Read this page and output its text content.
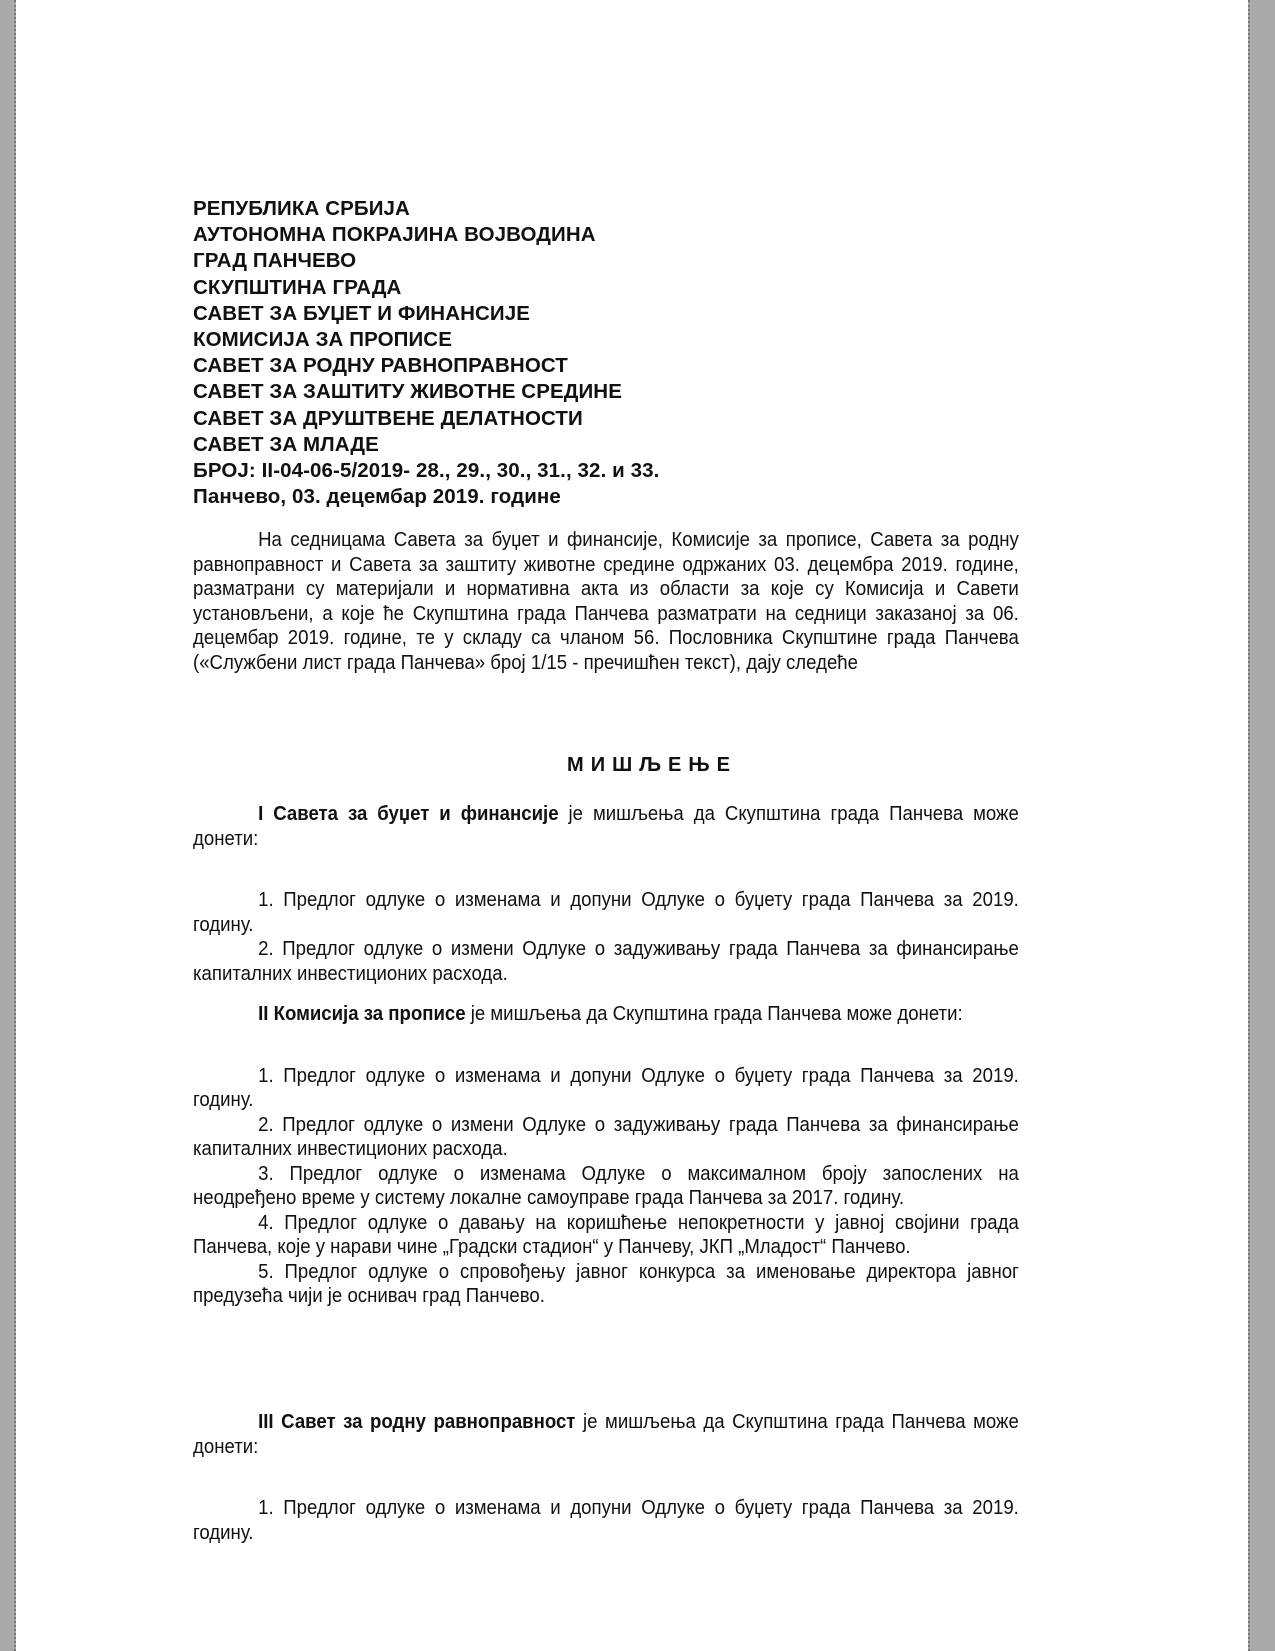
РЕПУБЛИКА СРБИЈА
АУТОНОМНА ПОКРАЈИНА ВОЈВОДИНА
ГРАД ПАНЧЕВО
СКУПШТИНА ГРАДА
САВЕТ ЗА БУЏЕТ И ФИНАНСИЈЕ
КОМИСИЈА ЗА ПРОПИСЕ
САВЕТ ЗА РОДНУ РАВНОПРАВНОСТ
САВЕТ ЗА ЗАШТИТУ ЖИВОТНЕ СРЕДИНЕ
САВЕТ ЗА ДРУШТВЕНЕ ДЕЛАТНОСТИ
САВЕТ ЗА МЛАДЕ
БРОЈ: II-04-06-5/2019- 28., 29., 30., 31., 32. и 33.
Панчево, 03. децембар 2019. године

На седницама Савета за буџет и финансије, Комисије за прописе, Савета за родну равноправност и Савета за заштиту животне средине одржаних 03. децембра 2019. године, разматрани су материјали и нормативна акта из области за које су Комисија и Савети установљени, а које ће Скупштина града Панчева разматрати на седници заказаној за 06. децембар 2019. године, те у складу са чланом 56. Пословника Скупштине града Панчева («Службени лист града Панчева» број 1/15 - пречишћен текст), дају следеће

МИШЉЕЊЕ

I Савета за буџет и финансије је мишљења да Скупштина града Панчева може донети:

1. Предлог одлуке о изменама и допуни Одлуке о буџету града Панчева за 2019. годину.

2. Предлог одлуке о измени Одлуке о задуживању града Панчева за финансирање капиталних инвестиционих расхода.

II Комисија за прописе је мишљења да Скупштина града Панчева може донети:

1. Предлог одлуке о изменама и допуни Одлуке о буџету града Панчева за 2019. годину.

2. Предлог одлуке о измени Одлуке о задуживању града Панчева за финансирање капиталних инвестиционих расхода.

3. Предлог одлуке о изменама Одлуке о максималном броју запослених на неодређено време у систему локалне самоуправе града Панчева за 2017. годину.

4. Предлог одлуке о давању на коришћење непокретности у јавној својини града Панчева, које у нарави чине „Градски стадион“ у Панчеву, ЈКП „Младост“ Панчево.

5. Предлог одлуке о спровођењу јавног конкурса за именовање директора јавног предузећа чији је оснивач град Панчево.

III Савет за родну равноправност је мишљења да Скупштина града Панчева може донети:

1. Предлог одлуке о изменама и допуни Одлуке о буџету града Панчева за 2019. годину.
